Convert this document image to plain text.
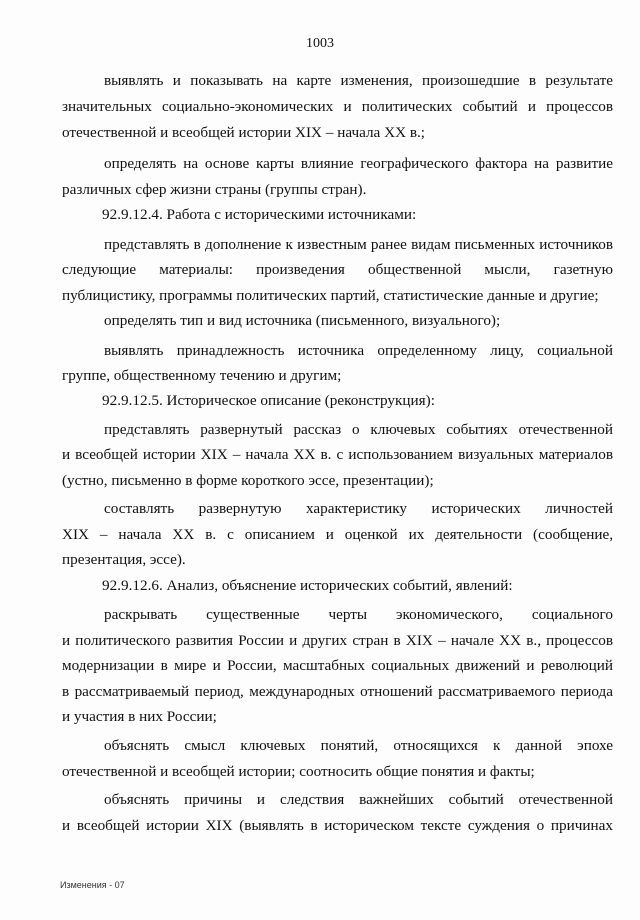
1003
выявлять и показывать на карте изменения, произошедшие в результате
значительных социально-экономических и политических событий и процессов
отечественной и всеобщей истории XIX – начала XX в.;
определять на основе карты влияние географического фактора на развитие
различных сфер жизни страны (группы стран).
92.9.12.4. Работа с историческими источниками:
представлять в дополнение к известным ранее видам письменных источников
следующие материалы: произведения общественной мысли, газетную
публицистику, программы политических партий, статистические данные и другие;
определять тип и вид источника (письменного, визуального);
выявлять принадлежность источника определенному лицу, социальной
группе, общественному течению и другим;
92.9.12.5. Историческое описание (реконструкция):
представлять развернутый рассказ о ключевых событиях отечественной
и всеобщей истории XIX – начала XX в. с использованием визуальных материалов
(устно, письменно в форме короткого эссе, презентации);
составлять развернутую характеристику исторических личностей
XIX – начала XX в. с описанием и оценкой их деятельности (сообщение,
презентация, эссе).
92.9.12.6. Анализ, объяснение исторических событий, явлений:
раскрывать существенные черты экономического, социального
и политического развития России и других стран в XIX – начале XX в., процессов
модернизации в мире и России, масштабных социальных движений и революций
в рассматриваемый период, международных отношений рассматриваемого периода
и участия в них России;
объяснять смысл ключевых понятий, относящихся к данной эпохе
отечественной и всеобщей истории; соотносить общие понятия и факты;
объяснять причины и следствия важнейших событий отечественной
и всеобщей истории XIX (выявлять в историческом тексте суждения о причинах
Изменения - 07
